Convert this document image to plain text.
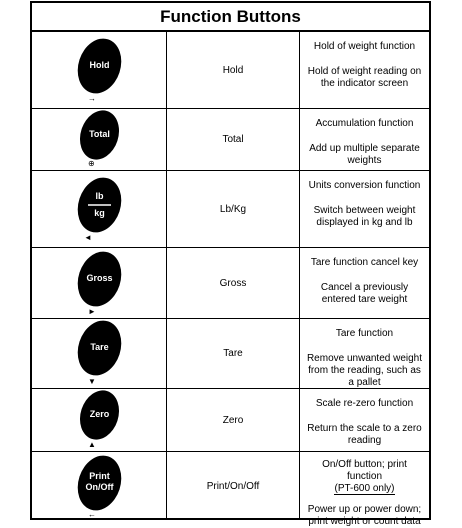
Function Buttons
Hold
→
Hold

Hold of weight function

Hold of weight reading on the indicator screen

Total
⊕
Total

Accumulation function

Add up multiple separate weights

lb
kg
◄
Lb/Kg

Units conversion function

Switch between weight displayed in kg and lb

Gross
►
Gross

Tare function cancel key

Cancel a previously entered tare weight

Tare
▼
Tare

Tare function

Remove unwanted weight from the reading, such as a pallet

Zero
▲
Zero

Scale re-zero function

Return the scale to a zero reading

Print
On/Off
←
Print/On/Off

On/Off button; print function
(PT-600 only)

Power up or power down; print weight or count data
